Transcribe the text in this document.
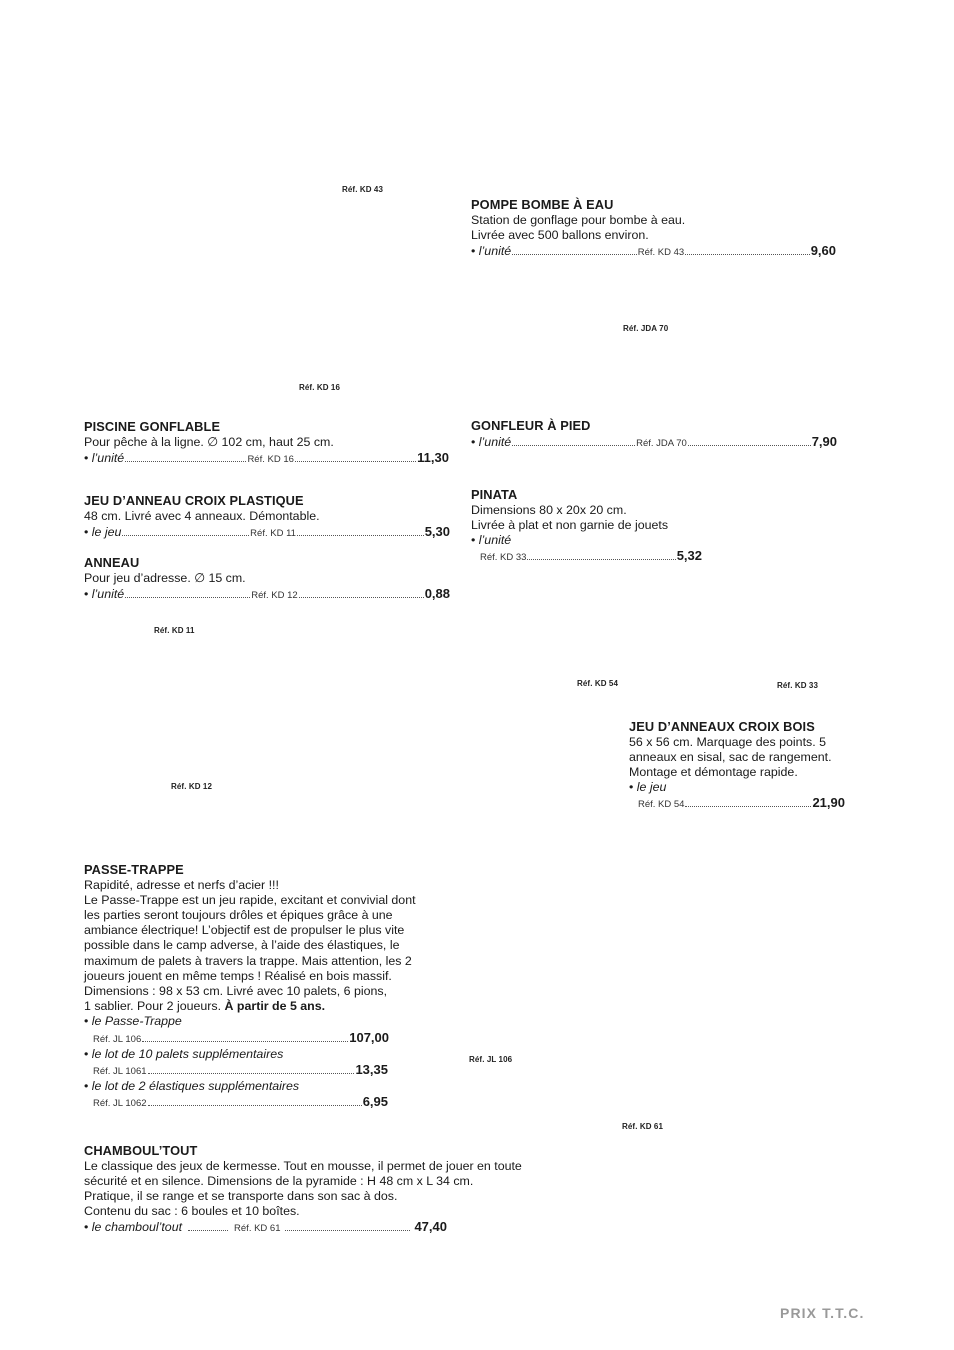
Réf. KD 43
Réf. JDA 70
Réf. KD 16
Réf. KD 11
Réf. KD 54	Réf. KD 33
Réf. KD 12
Réf. JL 106
Réf. KD 61
POMPE BOMBE À EAU
Station de gonflage pour bombe à eau.
Livrée avec 500 ballons environ.
•
l’unité	Réf. KD 43	9,60
PISCINE GONFLABLE
Pour pêche à la ligne. ∅ 102 cm, haut 25 cm.
•
l’unité	Réf. KD 16	11,30
GONFLEUR À PIED
•
l’unité	Réf. JDA 70	7,90
JEU D’ANNEAU CROIX PLASTIQUE
48 cm. Livré avec 4 anneaux. Démontable.
•
le jeu	Réf. KD 11	5,30
PINATA
Dimensions 80 x 20x 20 cm.
Livrée à plat et non garnie de jouets
• l’unité
Réf. KD 33	5,32
ANNEAU
Pour jeu d’adresse. ∅ 15 cm.
•
l’unité	Réf. KD 12	0,88
JEU D’ANNEAUX CROIX BOIS
56 x 56 cm. Marquage des points. 5
anneaux en sisal, sac de rangement.
Montage et démontage rapide.
• le jeu
Réf. KD 54	21,90
PASSE-TRAPPE
Rapidité, adresse et nerfs d’acier !!!
Le Passe-Trappe est un jeu rapide, excitant et convivial dont
les parties seront toujours drôles et épiques grâce à une
ambiance électrique! L’objectif est de propulser le plus vite
possible dans le camp adverse, à l’aide des élastiques, le
maximum de palets à travers la trappe. Mais attention, les 2
joueurs jouent en même temps ! Réalisé en bois massif.
Dimensions : 98 x 53 cm. Livré avec 10 palets, 6 pions,
1 sablier. Pour 2 joueurs. À partir de 5 ans.
• le Passe-Trappe
Réf. JL 106	107,00
• le lot de 10 palets supplémentaires
Réf. JL 1061	13,35
• le lot de 2 élastiques supplémentaires
Réf. JL 1062	6,95
CHAMBOUL’TOUT
Le classique des jeux de kermesse. Tout en mousse, il permet de jouer en toute
sécurité et en silence. Dimensions de la pyramide : H 48 cm x L 34 cm.
Pratique, il se range et se transporte dans son sac à dos.
Contenu du sac : 6 boules et 10 boîtes.
•
le chamboul’tout	Réf. KD 61	47,40
PRIX T.T.C.
